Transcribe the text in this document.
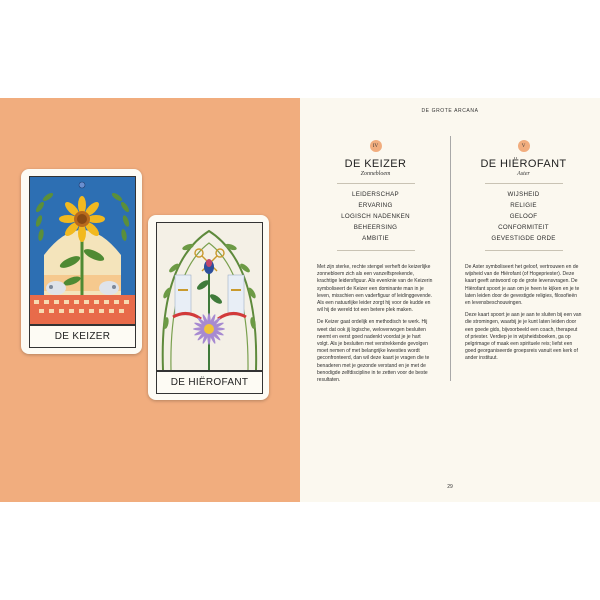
DE KEIZER
DE HIËROFANT
DE GROTE ARCANA
IV
DE KEIZER
Zonnebloem
LEIDERSCHAP
ERVARING
LOGISCH NADENKEN
BEHEERSING
AMBITIE
V
DE HIËROFANT
Aster
WIJSHEID
RELIGIE
GELOOF
CONFORMITEIT
GEVESTIGDE ORDE

Met zijn sterke, rechte stengel verheft de keizerlijke zonnebloem zich als een vanzelfsprekende, krachtige leidersfiguur. Als evenknie van de Keizerin symboliseert de Keizer een dominante man in je leven, misschien een vaderfiguur of leidinggevende. Als een natuurlijke leider zorgt hij voor de kudde en wil hij de wereld tot een betere plek maken.

De Keizer gaat ordelijk en methodisch te werk. Hij weet dat ook jij logische, weloverwogen besluiten neemt en eerst goed nadenkt voordat je je hart volgt. Als je besluiten met verstrekkende gevolgen moet nemen of met belangrijke kwesties wordt geconfronteerd, dan wil deze kaart je vragen die te benaderen met je gezonde verstand en je met de benodigde zelfdiscipline in te zetten voor de beste resultaten.

De Aster symboliseert het geloof, vertrouwen en de wijsheid van de Hiërofant (of Hogepriester). Deze kaart geeft antwoord op de grote levensvragen. De Hiërofant spoort je aan om je heen te kijken en je te laten leiden door de gevestigde religies, filosofieën en levensbeschouwingen.

Deze kaart spoort je aan je aan te sluiten bij een van die stromingen, waarbij je je kunt laten leiden door een goede gids, bijvoorbeeld een coach, therapeut of priester. Verdiep je in wijsheidsboeken, ga op pelgrimage of maak een spirituele reis; liefst een goed georganiseerde groepsreis vanuit een kerk of ander instituut.

29
